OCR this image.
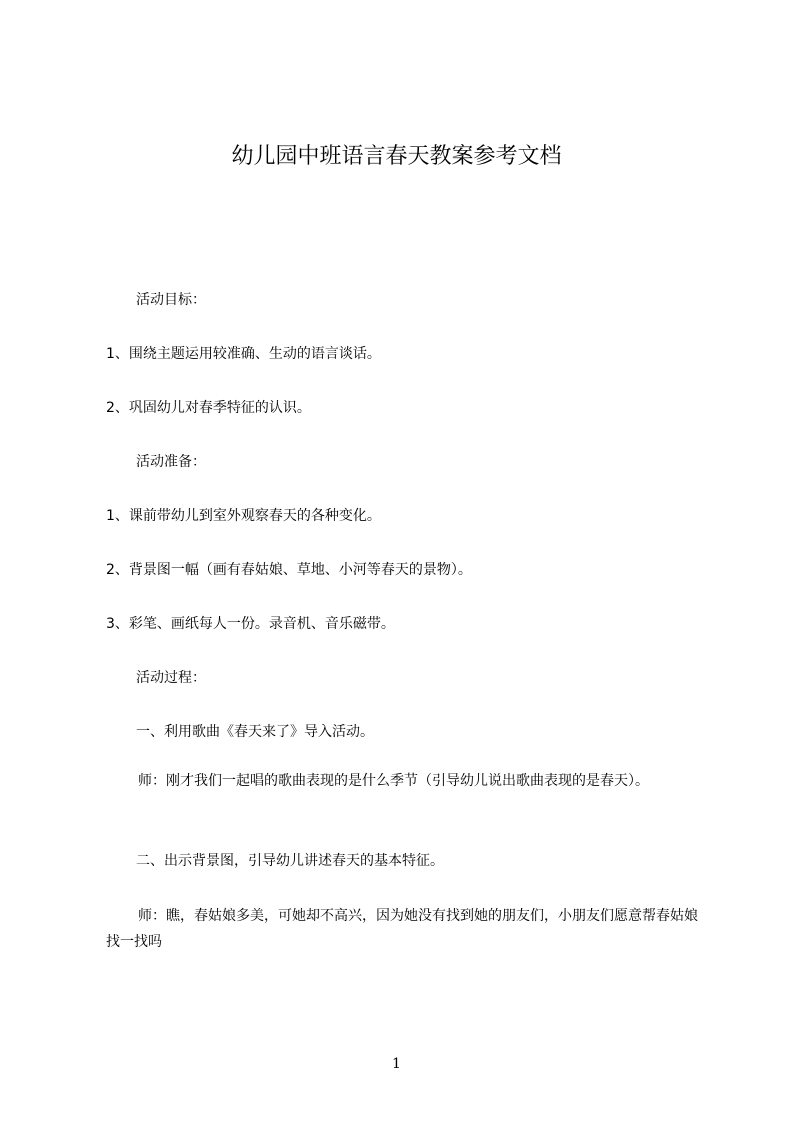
幼儿园中班语言春天教案参考文档

活动目标：

1、围绕主题运用较准确、生动的语言谈话。

2、巩固幼儿对春季特征的认识。

活动准备：

1、课前带幼儿到室外观察春天的各种变化。

2、背景图一幅（画有春姑娘、草地、小河等春天的景物）。

3、彩笔、画纸每人一份。录音机、音乐磁带。

活动过程：

一、利用歌曲《春天来了》导入活动。

师：刚才我们一起唱的歌曲表现的是什么季节（引导幼儿说出歌曲表现的是春天）。

二、出示背景图，引导幼儿讲述春天的基本特征。

师：瞧，春姑娘多美，可她却不高兴，因为她没有找到她的朋友们，小朋友们愿意帮春姑娘找一找吗

1
